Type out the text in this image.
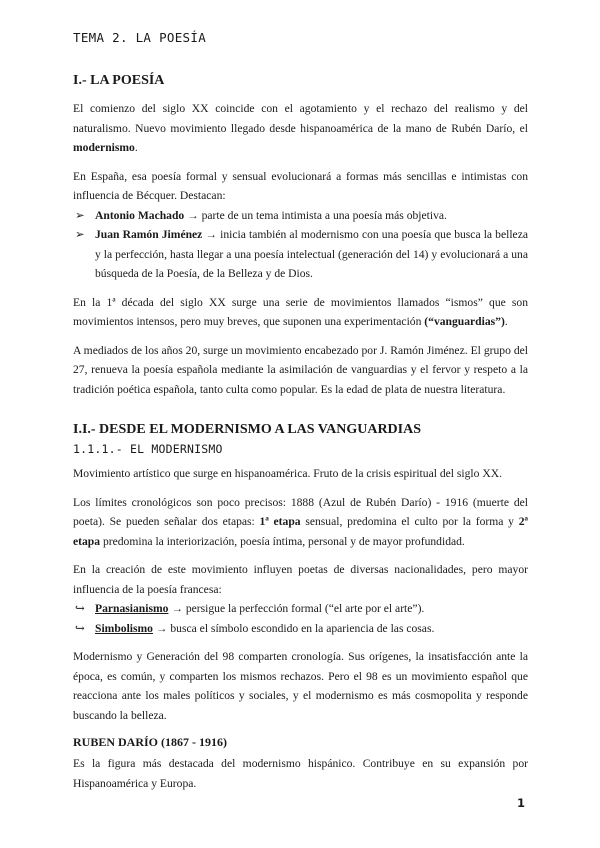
TEMA 2. LA POESÍA
I.- LA POESÍA

El comienzo del siglo XX coincide con el agotamiento y el rechazo del realismo y del naturalismo. Nuevo movimiento llegado desde hispanoamérica de la mano de Rubén Darío, el modernismo.

En España, esa poesía formal y sensual evolucionará a formas más sencillas e intimistas con influencia de Bécquer. Destacan:

➢ Antonio Machado → parte de un tema intimista a una poesía más objetiva.
➢ Juan Ramón Jiménez → inicia también al modernismo con una poesía que busca la belleza y la perfección, hasta llegar a una poesía intelectual (generación del 14) y evolucionará a una búsqueda de la Poesía, de la Belleza y de Dios.

En la 1ª década del siglo XX surge una serie de movimientos llamados “ismos” que son movimientos intensos, pero muy breves, que suponen una experimentación (“vanguardias”).

A mediados de los años 20, surge un movimiento encabezado por J. Ramón Jiménez. El grupo del 27, renueva la poesía española mediante la asimilación de vanguardias y el fervor y respeto a la tradición poética española, tanto culta como popular. Es la edad de plata de nuestra literatura.

I.I.- DESDE EL MODERNISMO A LAS VANGUARDIAS
1.1.1.- EL MODERNISMO

Movimiento artístico que surge en hispanoamérica. Fruto de la crisis espiritual del siglo XX.

Los límites cronológicos son poco precisos: 1888 (Azul de Rubén Darío) - 1916 (muerte del poeta). Se pueden señalar dos etapas: 1ª etapa sensual, predomina el culto por la forma y 2ª etapa predomina la interiorización, poesía íntima, personal y de mayor profundidad.

En la creación de este movimiento influyen poetas de diversas nacionalidades, pero mayor influencia de la poesía francesa:

↪ Parnasianismo → persigue la perfección formal (“el arte por el arte”).
↪ Simbolismo → busca el símbolo escondido en la apariencia de las cosas.

Modernismo y Generación del 98 comparten cronología. Sus orígenes, la insatisfacción ante la época, es común, y comparten los mismos rechazos. Pero el 98 es un movimiento español que reacciona ante los males políticos y sociales, y el modernismo es más cosmopolita y responde buscando la belleza.

RUBEN DARÍO (1867 - 1916)

Es la figura más destacada del modernismo hispánico. Contribuye en su expansión por Hispanoamérica y Europa.

1
